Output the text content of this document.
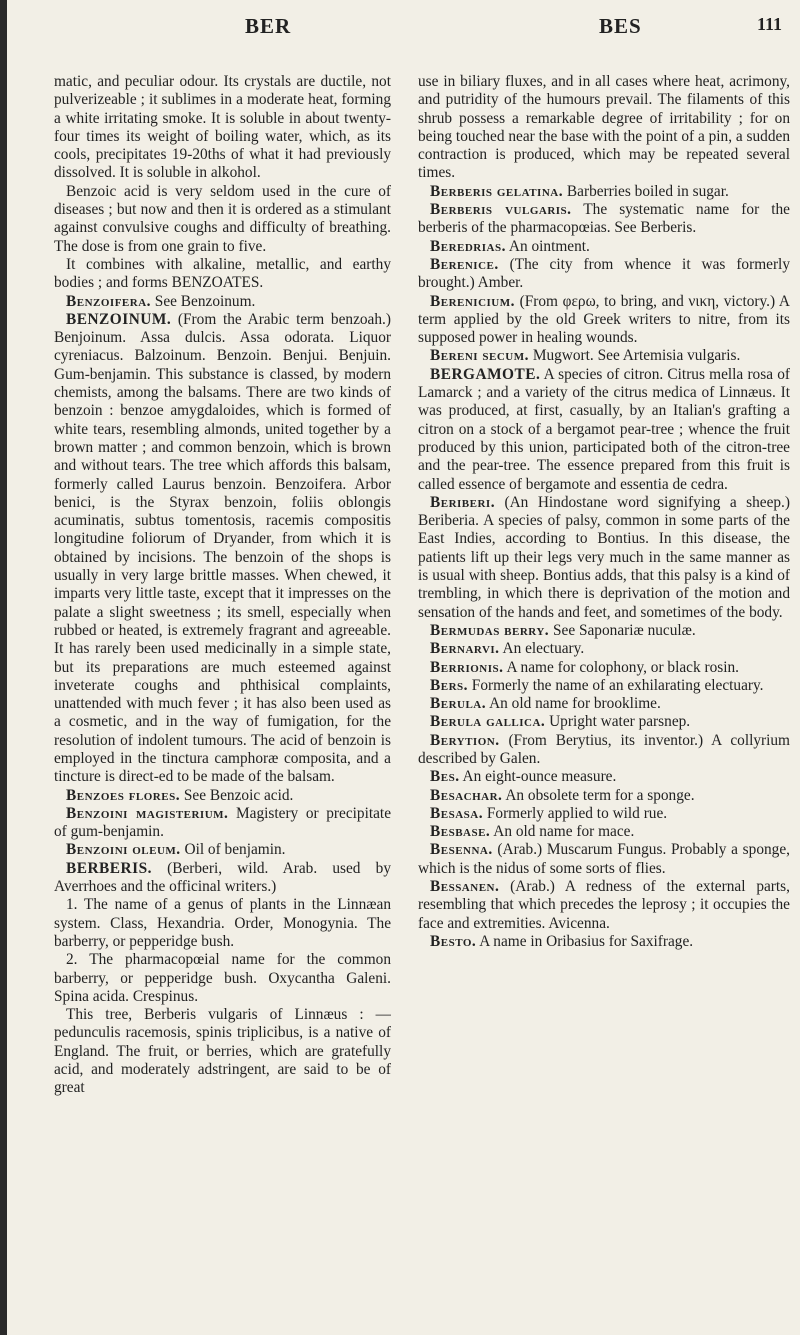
BER	BES	111

matic, and peculiar odour. Its crystals are ductile, not pulverizeable ; it sublimes in a moderate heat, forming a white irritating smoke. It is soluble in about twenty-four times its weight of boiling water, which, as its cools, precipitates 19-20ths of what it had previously dissolved. It is soluble in alkohol.

Benzoic acid is very seldom used in the cure of diseases ; but now and then it is ordered as a stimulant against convulsive coughs and difficulty of breathing. The dose is from one grain to five.

It combines with alkaline, metallic, and earthy bodies ; and forms BENZOATES.

Benzoifera. See Benzoinum.

BENZOINUM. (From the Arabic term benzoah.) Benjoinum. Assa dulcis. Assa odorata. Liquor cyreniacus. Balzoinum. Benzoin. Benjui. Benjuin. Gum-benjamin. This substance is classed, by modern chemists, among the balsams. There are two kinds of benzoin : benzoe amygdaloides, which is formed of white tears, resembling almonds, united together by a brown matter ; and common benzoin, which is brown and without tears. The tree which affords this balsam, formerly called Laurus benzoin. Benzoifera. Arbor benici, is the Styrax benzoin, foliis oblongis acuminatis, subtus tomentosis, racemis compositis longitudine foliorum of Dryander, from which it is obtained by incisions. The benzoin of the shops is usually in very large brittle masses. When chewed, it imparts very little taste, except that it impresses on the palate a slight sweetness ; its smell, especially when rubbed or heated, is extremely fragrant and agreeable. It has rarely been used medicinally in a simple state, but its preparations are much esteemed against inveterate coughs and phthisical complaints, unattended with much fever ; it has also been used as a cosmetic, and in the way of fumigation, for the resolution of indolent tumours. The acid of benzoin is employed in the tinctura camphoræ composita, and a tincture is direct-ed to be made of the balsam.

Benzoes flores. See Benzoic acid.

Benzoini magisterium. Magistery or precipitate of gum-benjamin.

Benzoini oleum. Oil of benjamin.

BERBERIS. (Berberi, wild. Arab. used by Averrhoes and the officinal writers.)

1. The name of a genus of plants in the Linnæan system. Class, Hexandria. Order, Monogynia. The barberry, or pepperidge bush.

2. The pharmacopœial name for the common barberry, or pepperidge bush. Oxycantha Galeni. Spina acida. Crespinus.

This tree, Berberis vulgaris of Linnæus : —pedunculis racemosis, spinis triplicibus, is a native of England. The fruit, or berries, which are gratefully acid, and moderately adstringent, are said to be of great

use in biliary fluxes, and in all cases where heat, acrimony, and putridity of the humours prevail. The filaments of this shrub possess a remarkable degree of irritability ; for on being touched near the base with the point of a pin, a sudden contraction is produced, which may be repeated several times.

Berberis gelatina. Barberries boiled in sugar.

Berberis vulgaris. The systematic name for the berberis of the pharmacopœias. See Berberis.

Beredrias. An ointment.

Berenice. (The city from whence it was formerly brought.) Amber.

Berenicium. (From φερω, to bring, and νικη, victory.) A term applied by the old Greek writers to nitre, from its supposed power in healing wounds.

Bereni secum. Mugwort. See Artemisia vulgaris.

BERGAMOTE. A species of citron. Citrus mella rosa of Lamarck ; and a variety of the citrus medica of Linnæus. It was produced, at first, casually, by an Italian's grafting a citron on a stock of a bergamot pear-tree ; whence the fruit produced by this union, participated both of the citron-tree and the pear-tree. The essence prepared from this fruit is called essence of bergamote and essentia de cedra.

Beriberi. (An Hindostane word signifying a sheep.) Beriberia. A species of palsy, common in some parts of the East Indies, according to Bontius. In this disease, the patients lift up their legs very much in the same manner as is usual with sheep. Bontius adds, that this palsy is a kind of trembling, in which there is deprivation of the motion and sensation of the hands and feet, and sometimes of the body.

Bermudas berry. See Saponariæ nuculæ.

Bernarvi. An electuary.

Berrionis. A name for colophony, or black rosin.

Bers. Formerly the name of an exhilarating electuary.

Berula. An old name for brooklime.

Berula gallica. Upright water parsnep.

Berytion. (From Berytius, its inventor.) A collyrium described by Galen.

Bes. An eight-ounce measure.

Besachar. An obsolete term for a sponge.

Besasa. Formerly applied to wild rue.

Besbase. An old name for mace.

Besenna. (Arab.) Muscarum Fungus. Probably a sponge, which is the nidus of some sorts of flies.

Bessanen. (Arab.) A redness of the external parts, resembling that which precedes the leprosy ; it occupies the face and extremities. Avicenna.

Besto. A name in Oribasius for Saxifrage.
